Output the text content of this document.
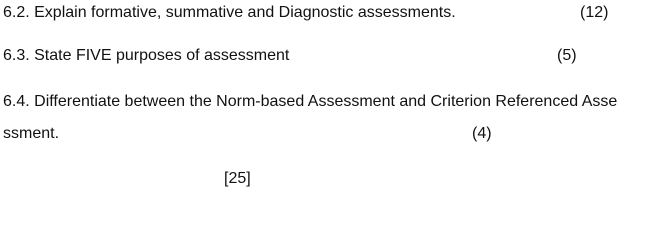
6.2. Explain formative, summative and Diagnostic assessments.	(12)
6.3. State FIVE purposes of assessment	(5)
6.4. Differentiate between the Norm-based Assessment and Criterion Referenced Asse
ssment.	(4)
[25]
